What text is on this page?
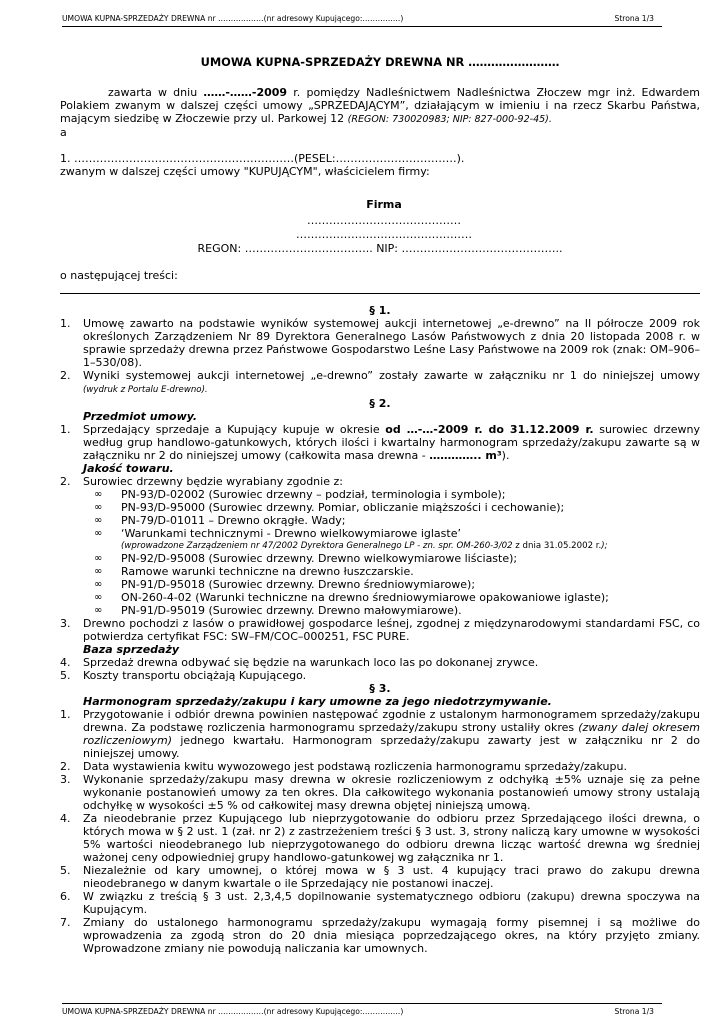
UMOWA KUPNA-SPRZEDAŻY DREWNA nr ………………(nr adresowy Kupującego:……………)	Strona 1/3

UMOWA KUPNA-SPRZEDAŻY DREWNA NR ……………………

zawarta w dniu ……-……-2009 r. pomiędzy Nadleśnictwem Nadleśnictwa Złoczew mgr inż. Edwardem Polakiem zwanym w dalszej części umowy „SPRZEDAJĄCYM”, działającym w imieniu i na rzecz Skarbu Państwa, mającym siedzibę w Złoczewie przy ul. Parkowej 12 (REGON: 730020983; NIP: 827-000-92-45).

a

1. ……………………………………………………(PESEL:……………………………).

zwanym w dalszej części umowy "KUPUJĄCYM", właścicielem firmy:

Firma

……………………………………

…………………………………………

REGON: …………………………….. NIP: ……………………………………..

o następującej treści:

§ 1.

1. Umowę zawarto na podstawie wyników systemowej aukcji internetowej „e-drewno” na II półrocze 2009 rok określonych Zarządzeniem Nr 89 Dyrektora Generalnego Lasów Państwowych z dnia 20 listopada 2008 r. w sprawie sprzedaży drewna przez Państwowe Gospodarstwo Leśne Lasy Państwowe na 2009 rok (znak: OM–906–1–530/08).
2. Wyniki systemowej aukcji internetowej „e-drewno” zostały zawarte w załączniku nr 1 do niniejszej umowy (wydruk z Portalu E-drewno).

§ 2.

Przedmiot umowy.

1. Sprzedający sprzedaje a Kupujący kupuje w okresie od …-…-2009 r. do 31.12.2009 r. surowiec drzewny według grup handlowo-gatunkowych, których ilości i kwartalny harmonogram sprzedaży/zakupu zawarte są w załączniku nr 2 do niniejszej umowy (całkowita masa drewna - ………….. m³).

Jakość towaru.

2. Surowiec drzewny będzie wyrabiany zgodnie z:
∞ PN-93/D-02002 (Surowiec drzewny – podział, terminologia i symbole);
∞ PN-93/D-95000 (Surowiec drzewny. Pomiar, obliczanie miąższości i cechowanie);
∞ PN-79/D-01011 – Drewno okrągłe. Wady;
∞ ‘Warunkami technicznymi - Drewno wielkowymiarowe iglaste’
(wprowadzone Zarządzeniem nr 47/2002 Dyrektora Generalnego LP - zn. spr. OM-260-3/02 z dnia 31.05.2002 r.);
∞ PN-92/D-95008 (Surowiec drzewny. Drewno wielkowymiarowe liściaste);
∞ Ramowe warunki techniczne na drewno łuszczarskie.
∞ PN-91/D-95018 (Surowiec drzewny. Drewno średniowymiarowe);
∞ ON-260-4-02 (Warunki techniczne na drewno średniowymiarowe opakowaniowe iglaste);
∞ PN-91/D-95019 (Surowiec drzewny. Drewno małowymiarowe).
3. Drewno pochodzi z lasów o prawidłowej gospodarce leśnej, zgodnej z międzynarodowymi standardami FSC, co potwierdza certyfikat FSC: SW–FM/COC–000251, FSC PURE.

Baza sprzedaży

4. Sprzedaż drewna odbywać się będzie na warunkach loco las po dokonanej zrywce.
5. Koszty transportu obciążają Kupującego.

§ 3.

Harmonogram sprzedaży/zakupu i kary umowne za jego niedotrzymywanie.

1. Przygotowanie i odbiór drewna powinien następować zgodnie z ustalonym harmonogramem sprzedaży/zakupu drewna. Za podstawę rozliczenia harmonogramu sprzedaży/zakupu strony ustaliły okres (zwany dalej okresem rozliczeniowym) jednego kwartału. Harmonogram sprzedaży/zakupu zawarty jest w załączniku nr 2 do niniejszej umowy.
2. Data wystawienia kwitu wywozowego jest podstawą rozliczenia harmonogramu sprzedaży/zakupu.
3. Wykonanie sprzedaży/zakupu masy drewna w okresie rozliczeniowym z odchyłką ±5% uznaje się za pełne wykonanie postanowień umowy za ten okres. Dla całkowitego wykonania postanowień umowy strony ustalają odchyłkę w wysokości ±5 % od całkowitej masy drewna objętej niniejszą umową.
4. Za nieodebranie przez Kupującego lub nieprzygotowanie do odbioru przez Sprzedającego ilości drewna, o których mowa w § 2 ust. 1 (zał. nr 2) z zastrzeżeniem treści § 3 ust. 3, strony naliczą kary umowne w wysokości 5% wartości nieodebranego lub nieprzygotowanego do odbioru drewna licząc wartość drewna wg średniej ważonej ceny odpowiedniej grupy handlowo-gatunkowej wg załącznika nr 1.
5. Niezależnie od kary umownej, o której mowa w § 3 ust. 4 kupujący traci prawo do zakupu drewna nieodebranego w danym kwartale o ile Sprzedający nie postanowi inaczej.
6. W związku z treścią § 3 ust. 2,3,4,5 dopilnowanie systematycznego odbioru (zakupu) drewna spoczywa na Kupującym.
7. Zmiany do ustalonego harmonogramu sprzedaży/zakupu wymagają formy pisemnej i są możliwe do wprowadzenia za zgodą stron do 20 dnia miesiąca poprzedzającego okres, na który przyjęto zmiany. Wprowadzone zmiany nie powodują naliczania kar umownych.
UMOWA KUPNA-SPRZEDAŻY DREWNA nr ………………(nr adresowy Kupującego:……………)	Strona 1/3
